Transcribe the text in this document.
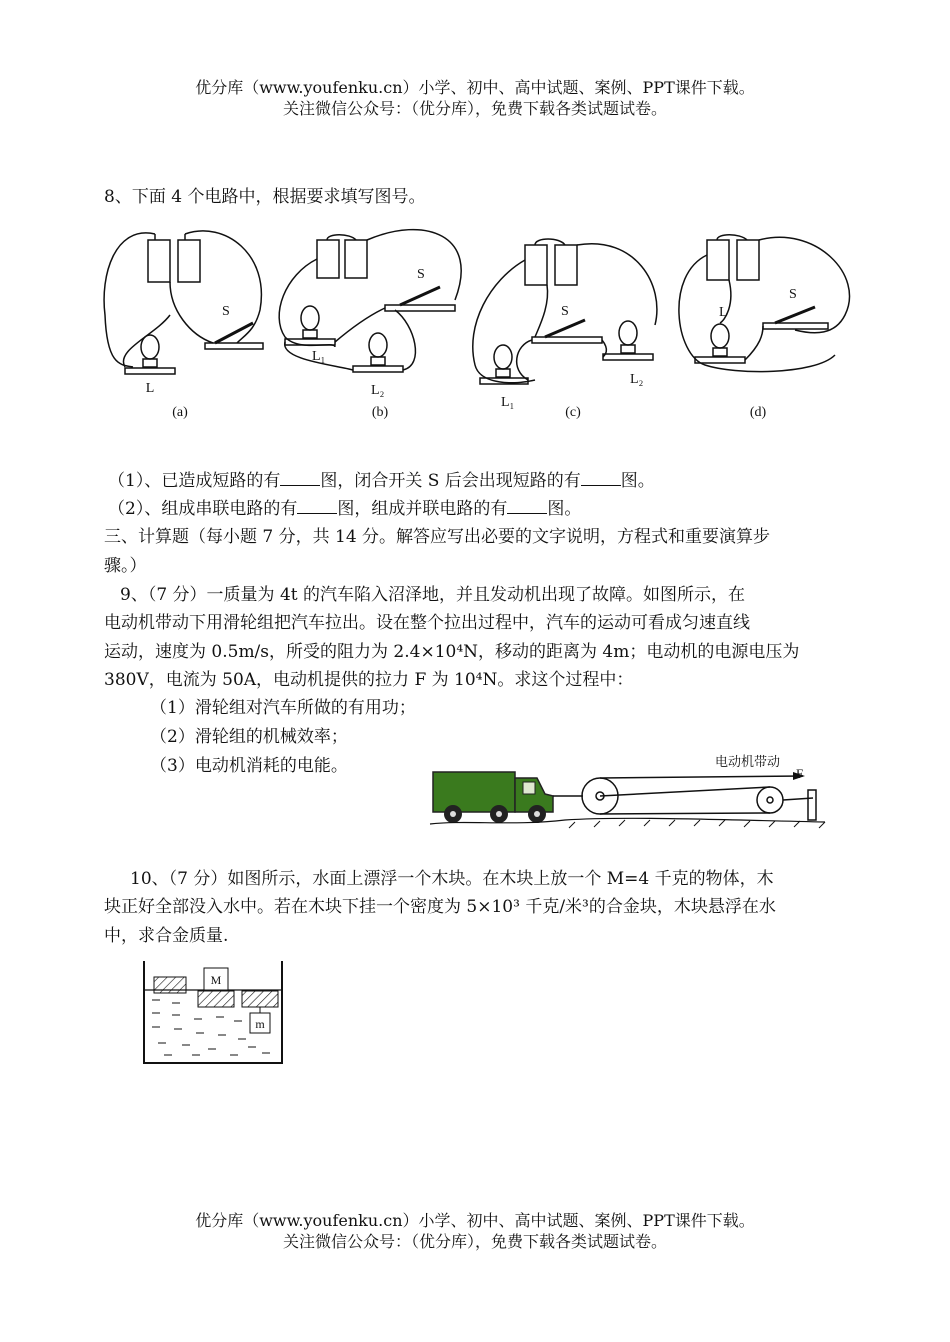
优分库（www.youfenku.cn）小学、初中、高中试题、案例、PPT课件下载。
关注微信公众号：（优分库），免费下载各类试题试卷。
8、下面 4 个电路中，根据要求填写图号。
L
S
(a)
S
L₁
L₂
(b)
S
L₁
L₂
(c)
S
L
(d)
（1）、已造成短路的有 图，闭合开关 S 后会出现短路的有 图。
（2）、组成串联电路的有 图，组成并联电路的有 图。
三、计算题（每小题 7 分，共 14 分。解答应写出必要的文字说明，方程式和重要演算步
骤。）
9、（7 分）一质量为 4t 的汽车陷入沼泽地，并且发动机出现了故障。如图所示，在
电动机带动下用滑轮组把汽车拉出。设在整个拉出过程中，汽车的运动可看成匀速直线
运动，速度为 0.5m/s，所受的阻力为 2.4×10⁴N，移动的距离为 4m；电动机的电源电压为
380V，电流为 50A，电动机提供的拉力 F 为 10⁴N。求这个过程中：
（1）滑轮组对汽车所做的有用功；
（2）滑轮组的机械效率；
（3）电动机消耗的电能。	电动机带动
F
10、（7 分）如图所示，水面上漂浮一个木块。在木块上放一个 M=4 千克的物体，木
块正好全部没入水中。若在木块下挂一个密度为 5×10³ 千克/米³的合金块，木块悬浮在水
中，求合金质量.
M
m
优分库（www.youfenku.cn）小学、初中、高中试题、案例、PPT课件下载。
关注微信公众号：（优分库），免费下载各类试题试卷。
